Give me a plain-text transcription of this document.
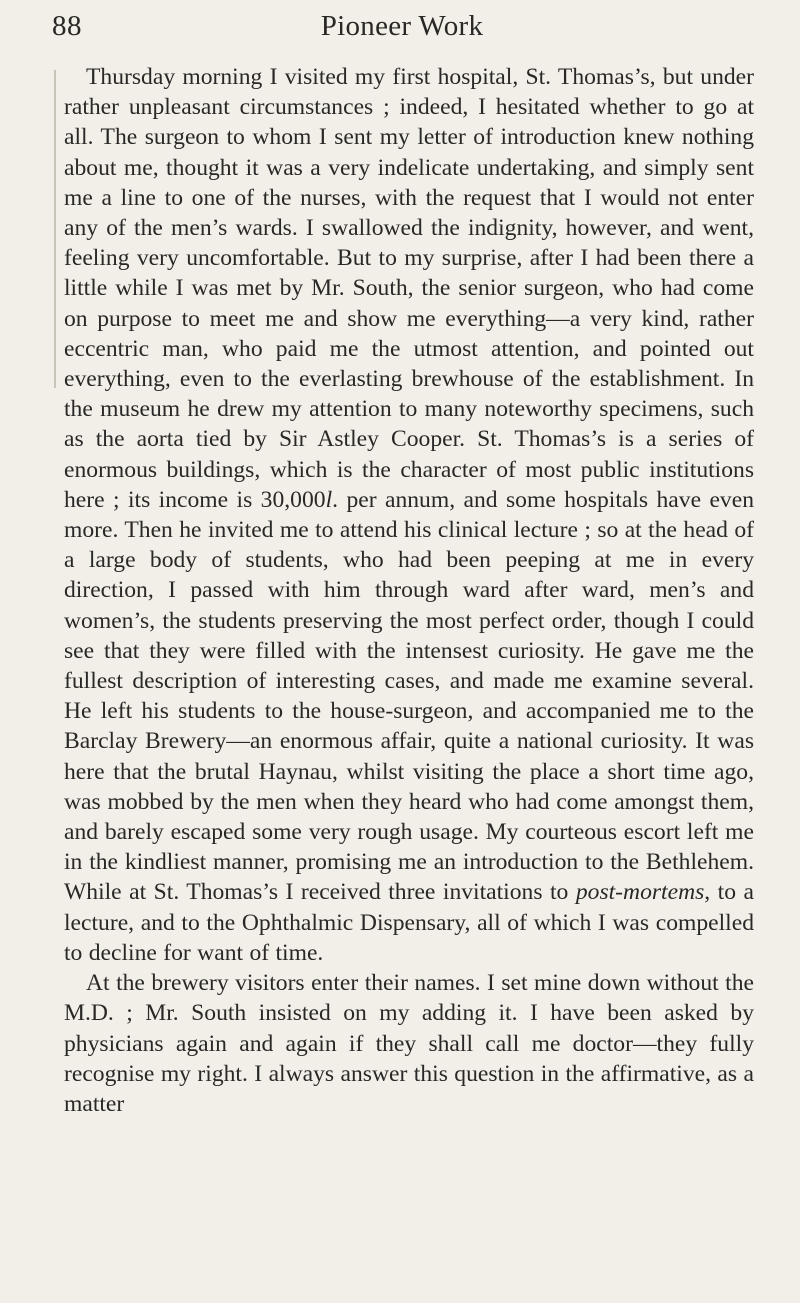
88	Pioneer Work

Thursday morning I visited my first hospital, St. Thomas’s, but under rather unpleasant circumstances ; indeed, I hesitated whether to go at all. The surgeon to whom I sent my letter of introduction knew nothing about me, thought it was a very indelicate undertaking, and simply sent me a line to one of the nurses, with the request that I would not enter any of the men’s wards. I swallowed the indignity, however, and went, feeling very uncomfortable. But to my surprise, after I had been there a little while I was met by Mr. South, the senior surgeon, who had come on purpose to meet me and show me everything—a very kind, rather eccentric man, who paid me the utmost attention, and pointed out everything, even to the everlasting brewhouse of the establishment. In the museum he drew my attention to many noteworthy specimens, such as the aorta tied by Sir Astley Cooper. St. Thomas’s is a series of enormous buildings, which is the character of most public institutions here ; its income is 30,000l. per annum, and some hospitals have even more. Then he invited me to attend his clinical lecture ; so at the head of a large body of students, who had been peeping at me in every direction, I passed with him through ward after ward, men’s and women’s, the students preserving the most perfect order, though I could see that they were filled with the intensest curiosity. He gave me the fullest description of interesting cases, and made me examine several. He left his students to the house-surgeon, and accompanied me to the Barclay Brewery—an enormous affair, quite a national curiosity. It was here that the brutal Haynau, whilst visiting the place a short time ago, was mobbed by the men when they heard who had come amongst them, and barely escaped some very rough usage. My courteous escort left me in the kindliest manner, promising me an introduction to the Bethlehem. While at St. Thomas’s I received three invitations to post-mortems, to a lecture, and to the Ophthalmic Dispensary, all of which I was compelled to decline for want of time.

At the brewery visitors enter their names. I set mine down without the M.D. ; Mr. South insisted on my adding it. I have been asked by physicians again and again if they shall call me doctor—they fully recognise my right. I always answer this question in the affirmative, as a matter
